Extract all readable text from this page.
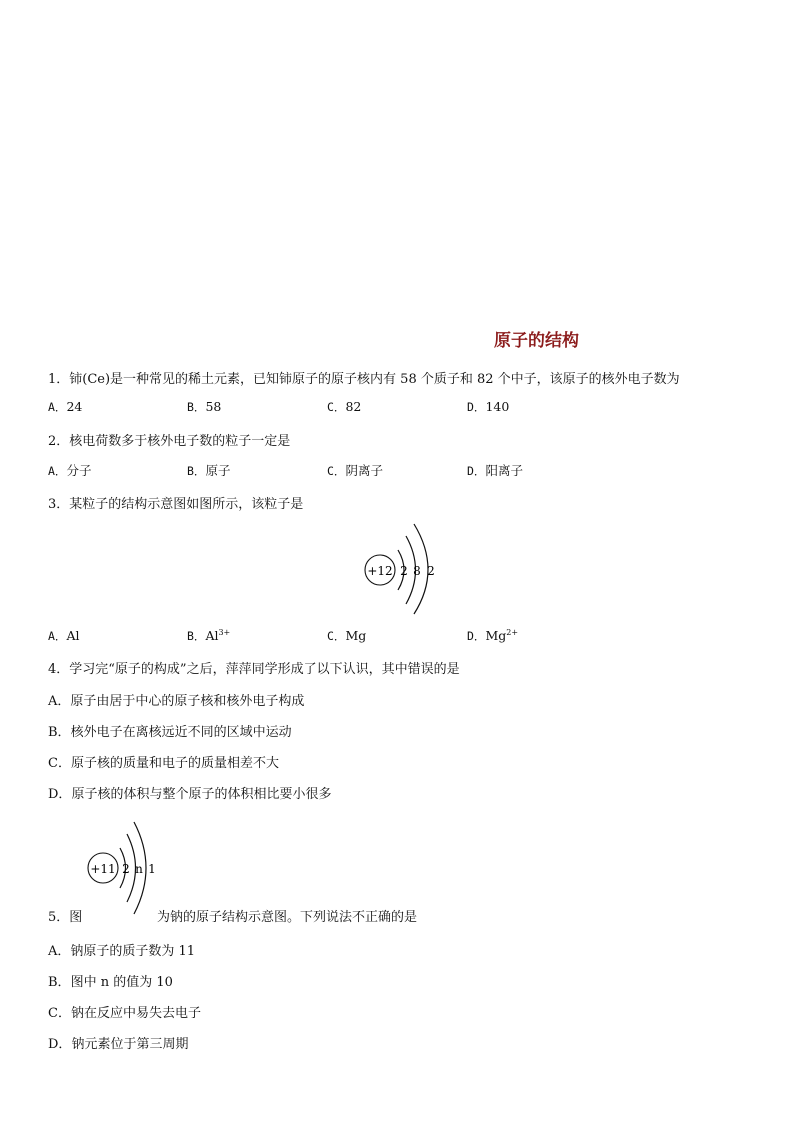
原子的结构
1．铈(Ce)是一种常见的稀土元素，已知铈原子的原子核内有 58 个质子和 82 个中子，该原子的核外电子数为
A．24	B．58	C．82	D．140
2．核电荷数多于核外电子数的粒子一定是
A．分子	B．原子	C．阴离子	D．阳离子
3．某粒子的结构示意图如图所示，该粒子是
+12 2 8 2
A．Al	B．$Al^{3+}$	C．Mg	D．$Mg^{2+}$
4．学习完“原子的构成”之后，萍萍同学形成了以下认识，其中错误的是
A．原子由居于中心的原子核和核外电子构成
B．核外电子在离核远近不同的区域中运动
C．原子核的质量和电子的质量相差不大
D．原子核的体积与整个原子的体积相比要小很多
+11 2 n 1
5．图	为钠的原子结构示意图。下列说法不正确的是
A．钠原子的质子数为 11
B．图中 n 的值为 10
C．钠在反应中易失去电子
D．钠元素位于第三周期
